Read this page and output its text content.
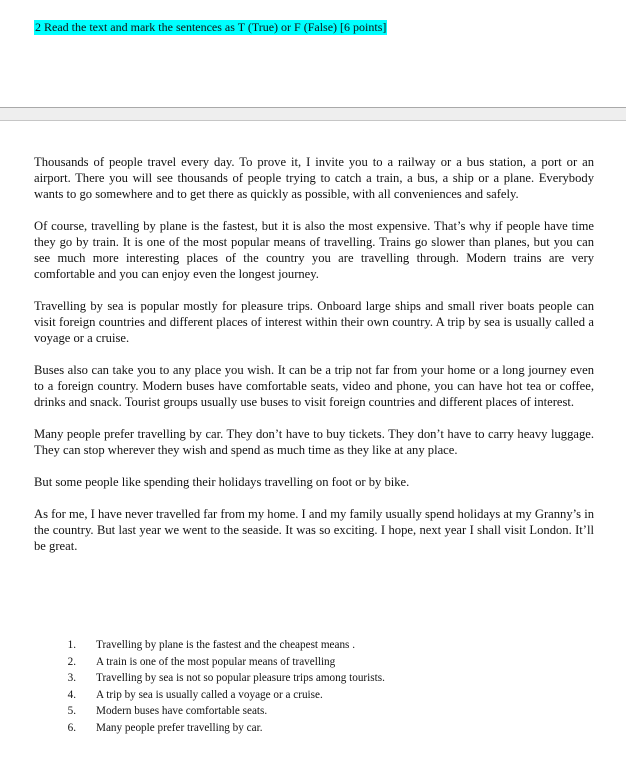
2 Read the text and mark the sentences as T (True) or F (False) [6 points]

Thousands of people travel every day. To prove it, I invite you to a railway or a bus station, a port or an airport. There you will see thousands of people trying to catch a train, a bus, a ship or a plane. Everybody wants to go somewhere and to get there as quickly as possible, with all conveniences and safely.

Of course, travelling by plane is the fastest, but it is also the most expensive. That’s why if people have time they go by train. It is one of the most popular means of travelling. Trains go slower than planes, but you can see much more interesting places of the country you are travelling through. Modern trains are very comfortable and you can enjoy even the longest journey.

Travelling by sea is popular mostly for pleasure trips. Onboard large ships and small river boats people can visit foreign countries and different places of interest within their own country. A trip by sea is usually called a voyage or a cruise.

Buses also can take you to any place you wish. It can be a trip not far from your home or a long journey even to a foreign country. Modern buses have comfortable seats, video and phone, you can have hot tea or coffee, drinks and snack. Tourist groups usually use buses to visit foreign countries and different places of interest.

Many people prefer travelling by car. They don’t have to buy tickets. They don’t have to carry heavy luggage. They can stop wherever they wish and spend as much time as they like at any place.

But some people like spending their holidays travelling on foot or by bike.

As for me, I have never travelled far from my home. I and my family usually spend holidays at my Granny’s in the country. But last year we went to the seaside. It was so exciting. I hope, next year I shall visit London. It’ll be great.

1.	Travelling by plane is the fastest and the cheapest means .
2.	A train is one of the most popular means of travelling
3.	Travelling by sea is not so popular pleasure trips among tourists.
4.	A trip by sea is usually called a voyage or a cruise.
5.	Modern buses have comfortable seats.
6.	Many people prefer travelling by car.
